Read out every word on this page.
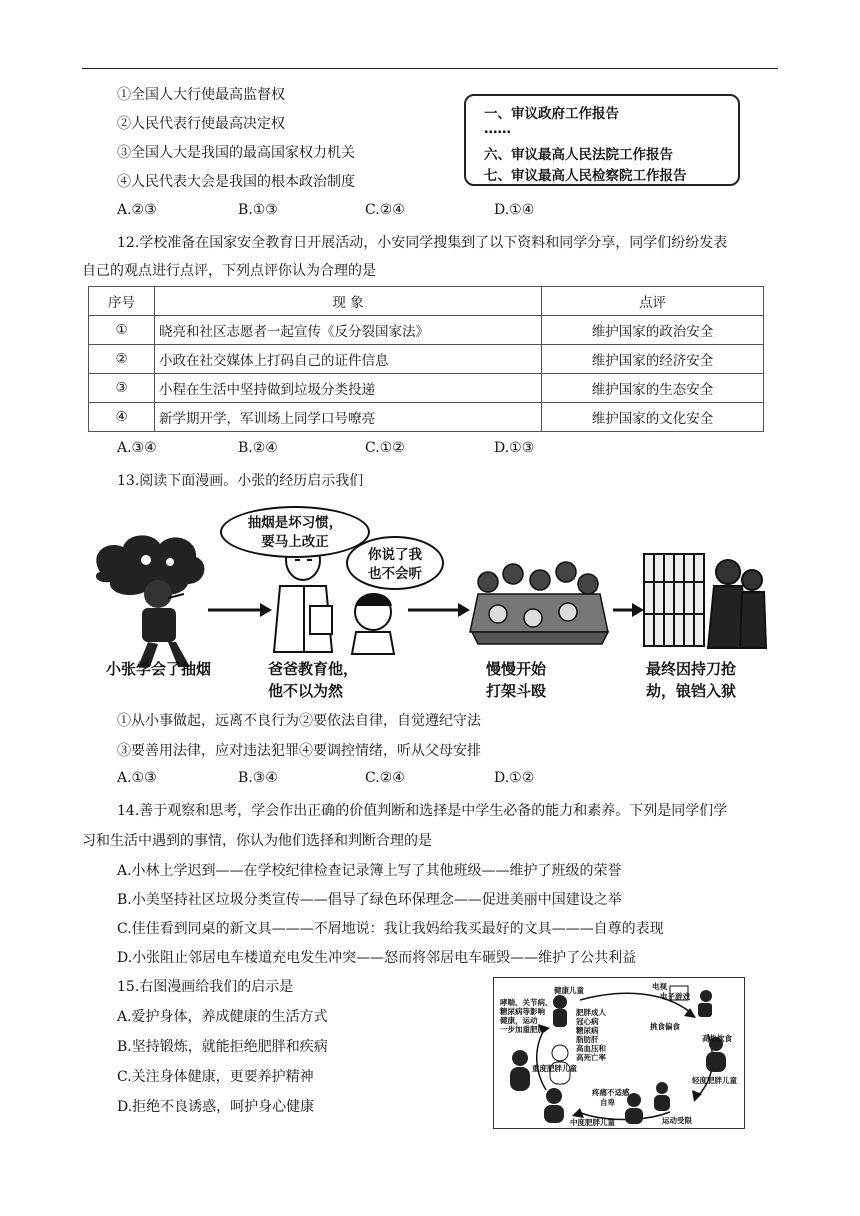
①全国人大行使最高监督权
②人民代表行使最高决定权
③全国人大是我国的最高国家权力机关
④人民代表大会是我国的根本政治制度
一、审议政府工作报告
……
六、审议最高人民法院工作报告
七、审议最高人民检察院工作报告
A.②③	B.①③	C.②④	D.①④
12.学校准备在国家安全教育日开展活动，小安同学搜集到了以下资料和同学分享，同学们纷纷发表
自己的观点进行点评，下列点评你认为合理的是
序号	现 象	点评
①	晓亮和社区志愿者一起宣传《反分裂国家法》	维护国家的政治安全
②	小政在社交媒体上打码自己的证件信息	维护国家的经济安全
③	小程在生活中坚持做到垃圾分类投递	维护国家的生态安全
④	新学期开学，军训场上同学口号嘹亮	维护国家的文化安全
A.③④	B.②④	C.①②	D.①③
13.阅读下面漫画。小张的经历启示我们
抽烟是坏习惯，
要马上改正
你说了我
也不会听
小张学会了抽烟	爸爸教育他，
他不以为然
慢慢开始
打架斗殴
最终因持刀抢
劫，锒铛入狱
①从小事做起，远离不良行为②要依法自律，自觉遵纪守法
③要善用法律，应对违法犯罪④要调控情绪，听从父母安排
A.①③	B.③④	C.②④	D.①②
14.善于观察和思考，学会作出正确的价值判断和选择是中学生必备的能力和素养。下列是同学们学
习和生活中遇到的事情，你认为他们选择和判断合理的是
A.小林上学迟到——在学校纪律检查记录簿上写了其他班级——维护了班级的荣誉
B.小美坚持社区垃圾分类宣传——倡导了绿色环保理念——促进美丽中国建设之举
C.佳佳看到同桌的新文具———不屑地说：我让我妈给我买最好的文具———自尊的表现
D.小张阻止邻居电车楼道充电发生冲突——怒而将邻居电车砸毁——维护了公共利益
15.右图漫画给我们的启示是
A.爱护身体，养成健康的生活方式
B.坚持锻炼，就能拒绝肥胖和疾病
C.关注身体健康，更要养护精神
D.拒绝不良诱惑，呵护身心健康
健康儿童	电视
电子游戏
挑食偏食
高热饮食
轻度肥胖儿童
运动受限
中度肥胖儿童
疼痛不适感
自卑
重度肥胖儿童
肥胖成人
冠心病
糖尿病
脂肪肝
高血压和
高死亡率
哮喘、关节病、
糖尿病等影响
健康，运动
一步加重肥胖
